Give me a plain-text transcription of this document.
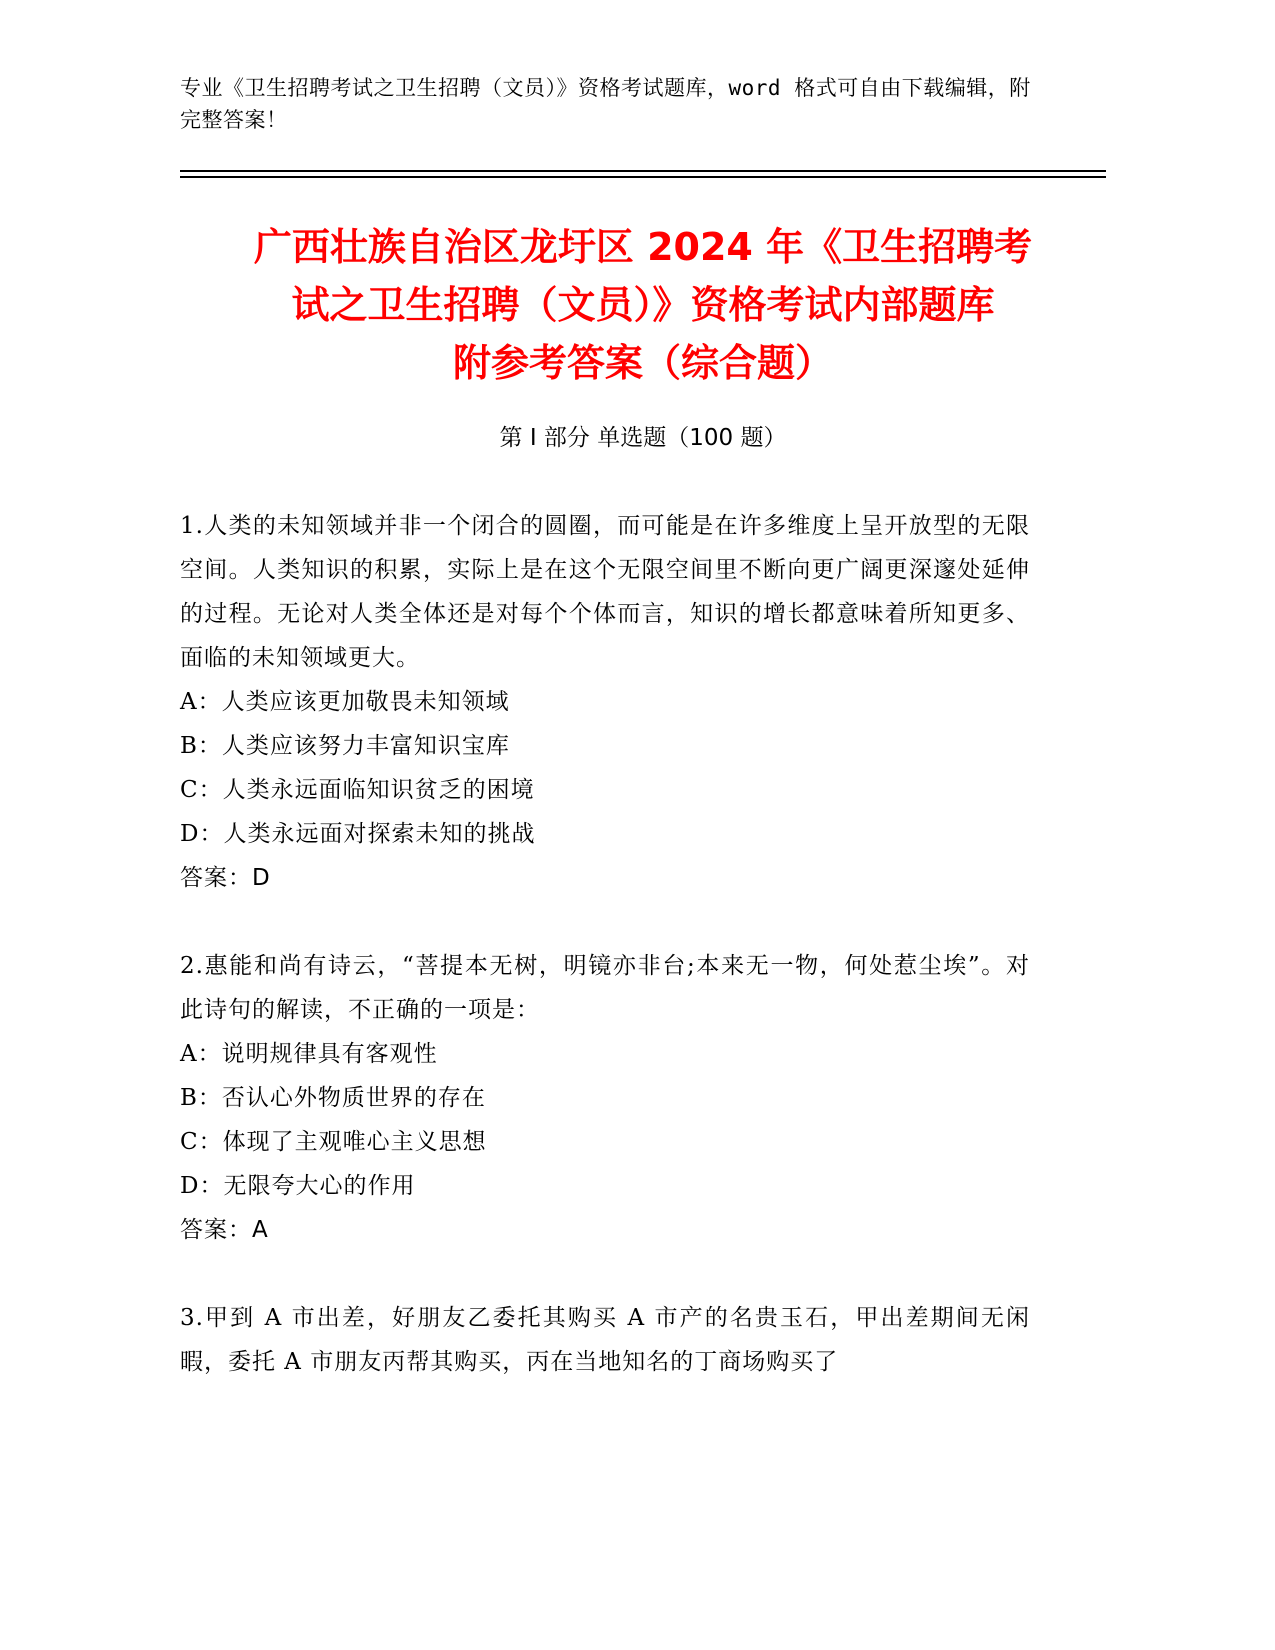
专业《卫生招聘考试之卫生招聘（文员）》资格考试题库，word 格式可自由下载编辑，附完整答案！
广西壮族自治区龙圩区 2024 年《卫生招聘考
试之卫生招聘（文员）》资格考试内部题库
附参考答案（综合题）
第 I 部分 单选题（100 题）

1.人类的未知领域并非一个闭合的圆圈，而可能是在许多维度上呈开放型的无限空间。人类知识的积累，实际上是在这个无限空间里不断向更广阔更深邃处延伸的过程。无论对人类全体还是对每个个体而言，知识的增长都意味着所知更多、面临的未知领域更大。

A：人类应该更加敬畏未知领域

B：人类应该努力丰富知识宝库

C：人类永远面临知识贫乏的困境

D：人类永远面对探索未知的挑战

答案：D

2.惠能和尚有诗云，“菩提本无树，明镜亦非台;本来无一物，何处惹尘埃”。对此诗句的解读，不正确的一项是：

A：说明规律具有客观性

B：否认心外物质世界的存在

C：体现了主观唯心主义思想

D：无限夸大心的作用

答案：A

3.甲到 A 市出差，好朋友乙委托其购买 A 市产的名贵玉石，甲出差期间无闲暇，委托 A 市朋友丙帮其购买，丙在当地知名的丁商场购买了
